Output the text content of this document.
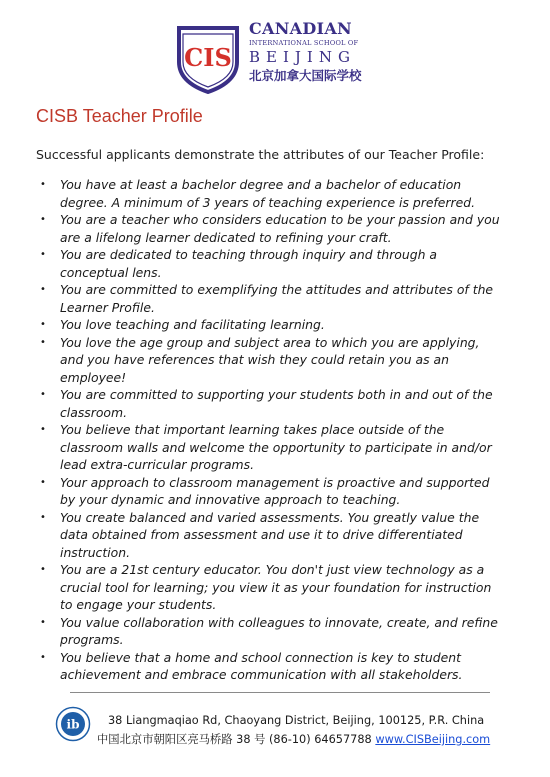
CIS
CANADIAN
INTERNATIONAL SCHOOL OF
BEIJING
北京加拿大国际学校
CISB Teacher Profile

Successful applicants demonstrate the attributes of our Teacher Profile:

• You have at least a bachelor degree and a bachelor of education
degree. A minimum of 3 years of teaching experience is preferred.
• You are a teacher who considers education to be your passion and you
are a lifelong learner dedicated to refining your craft.
• You are dedicated to teaching through inquiry and through a
conceptual lens.
• You are committed to exemplifying the attitudes and attributes of the
Learner Profile.
• You love teaching and facilitating learning.
• You love the age group and subject area to which you are applying,
and you have references that wish they could retain you as an
employee!
• You are committed to supporting your students both in and out of the
classroom.
• You believe that important learning takes place outside of the
classroom walls and welcome the opportunity to participate in and/or
lead extra-curricular programs.
• Your approach to classroom management is proactive and supported
by your dynamic and innovative approach to teaching.
• You create balanced and varied assessments. You greatly value the
data obtained from assessment and use it to drive differentiated
instruction.
• You are a 21st century educator. You don't just view technology as a
crucial tool for learning; you view it as your foundation for instruction
to engage your students.
• You value collaboration with colleagues to innovate, create, and refine
programs.
• You believe that a home and school connection is key to student
achievement and embrace communication with all stakeholders.
ib	38 Liangmaqiao Rd, Chaoyang District, Beijing, 100125, P.R. China
中国北京市朝阳区亮马桥路 38 号 (86-10) 64657788 www.CISBeijing.com
